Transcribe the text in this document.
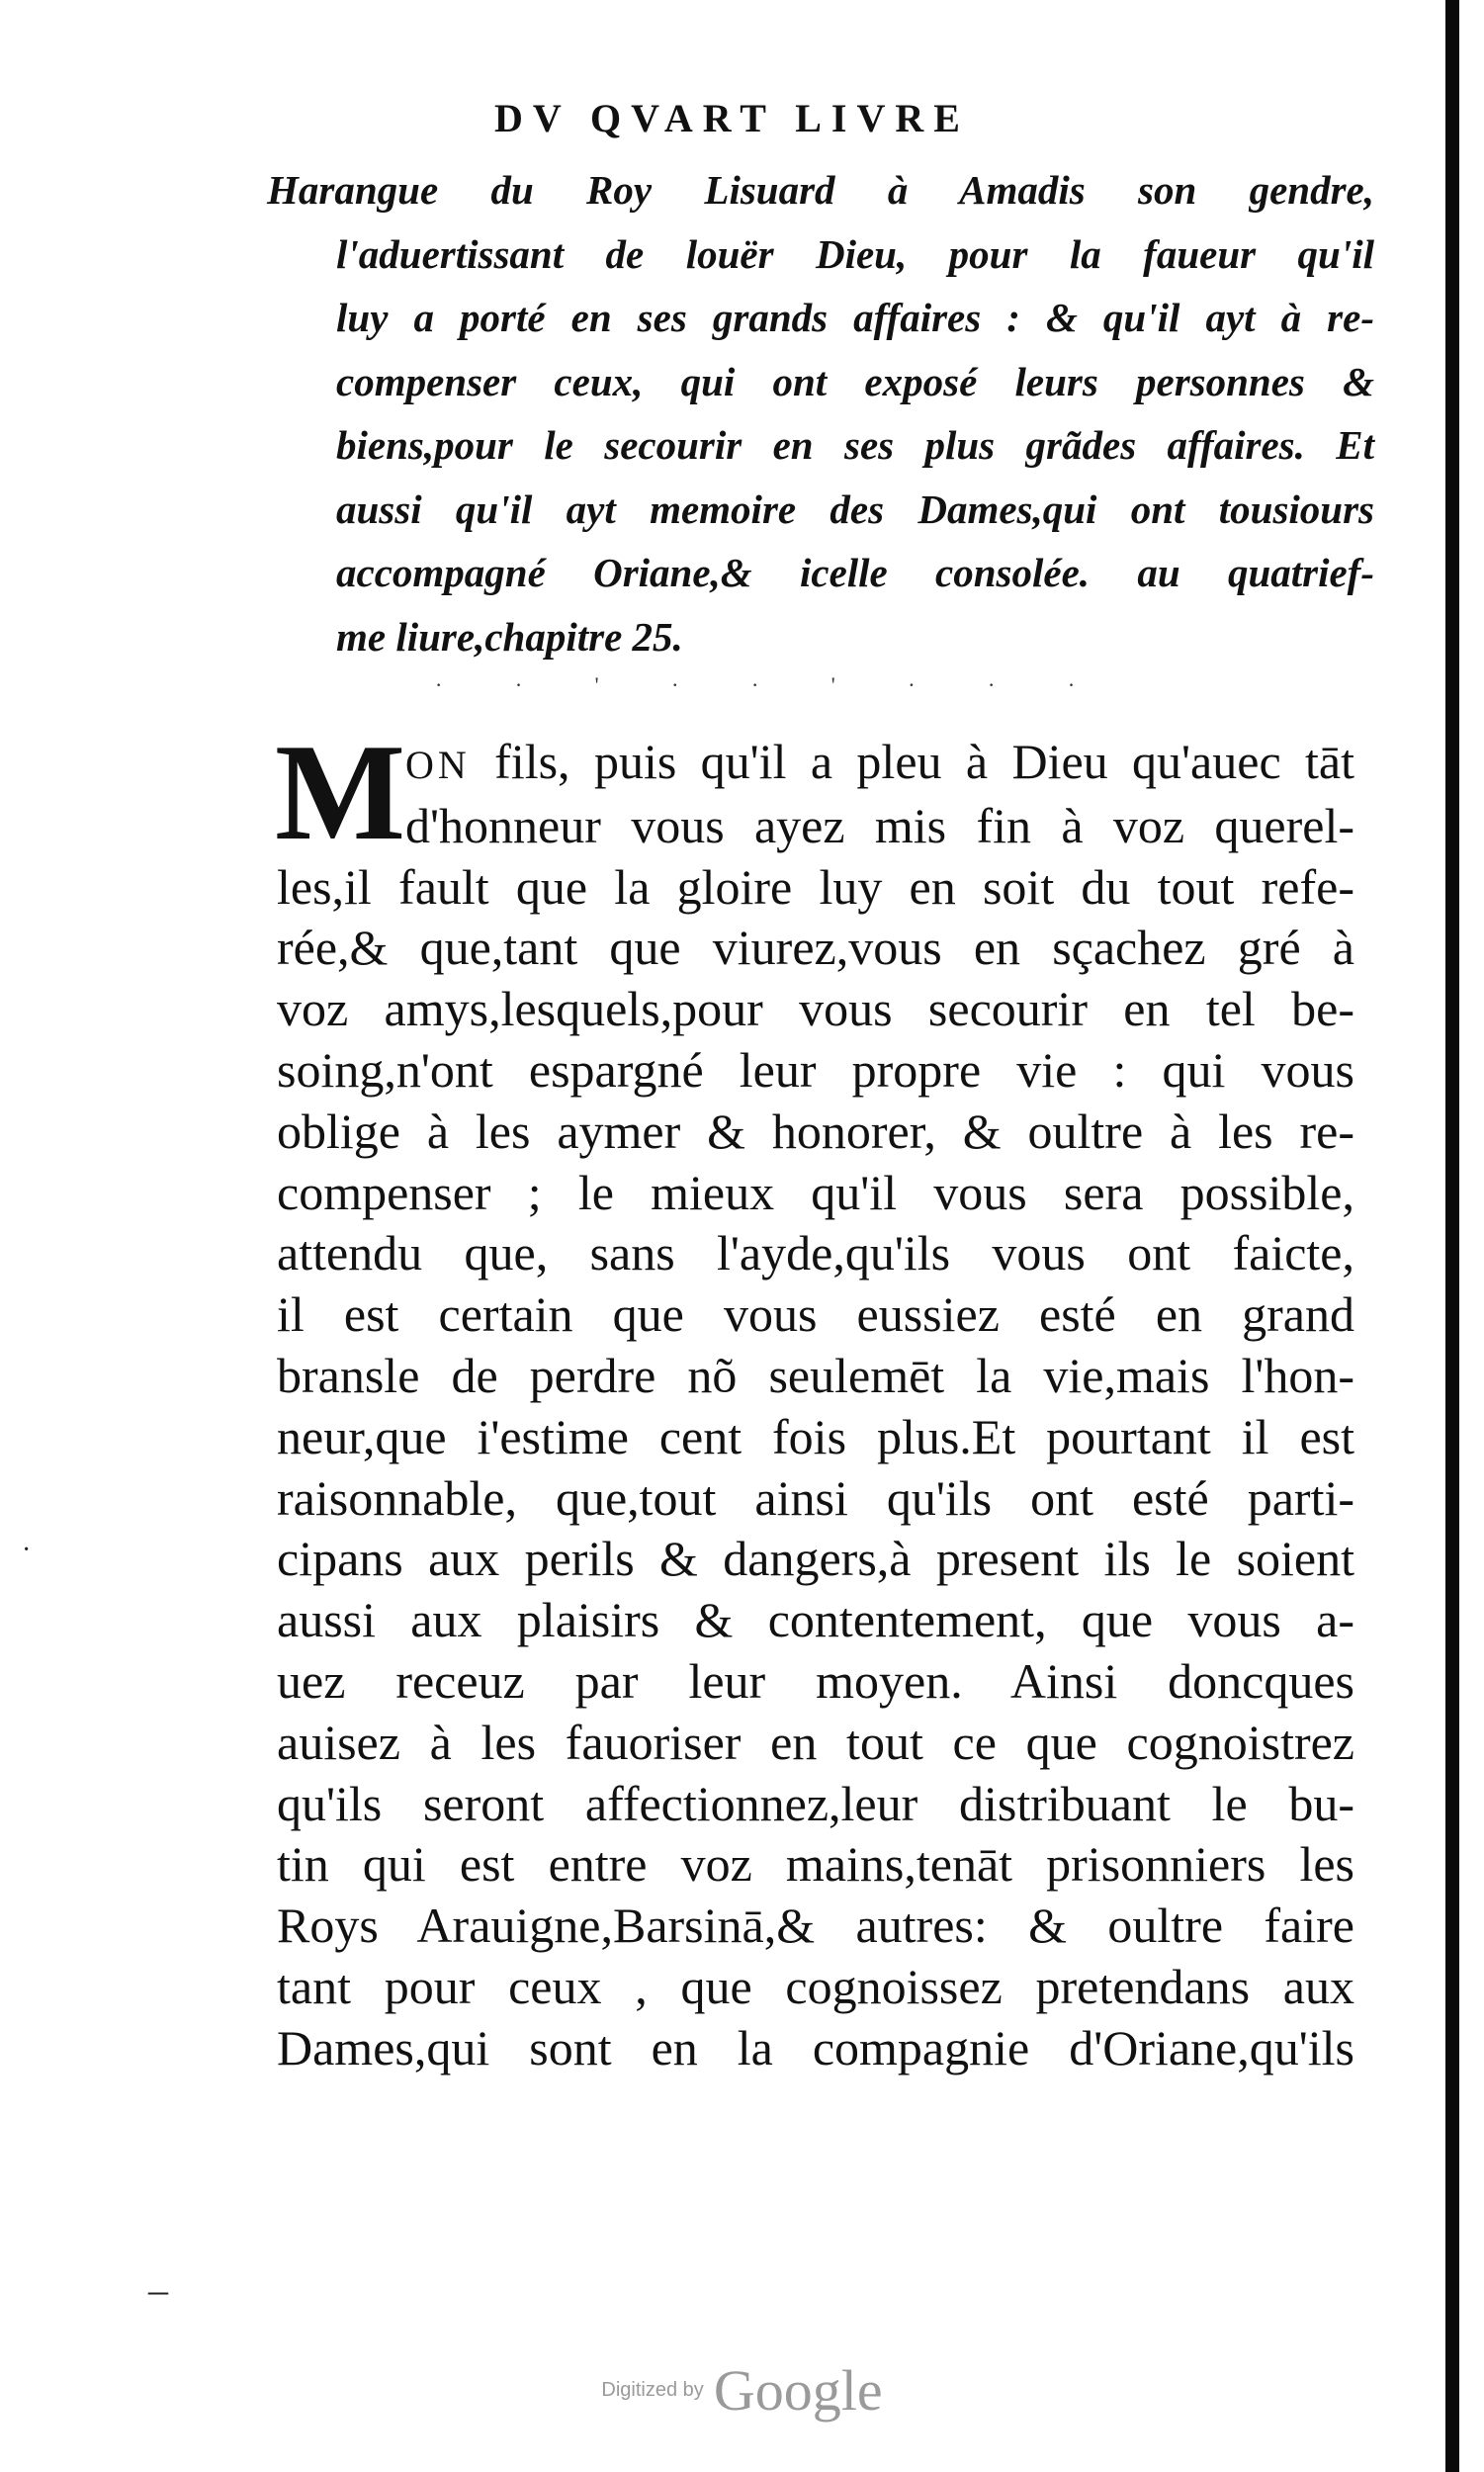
DV QVART LIVRE
Harangue du Roy Lisuard à Amadis son gendre,
l'aduertissant de louër Dieu, pour la faueur qu'il
luy a porté en ses grands affaires : & qu'il ayt à re-
compenser ceux, qui ont exposé leurs personnes &
biens,pour le secourir en ses plus grãdes affaires. Et
aussi qu'il ayt memoire des Dames,qui ont tousiours
accompagné Oriane,& icelle consolée. au quatrief-
me liure,chapitre 25.
· · ' · · ' · · ·
M ON fils, puis qu'il a pleu à Dieu qu'auec tāt
d'honneur vous ayez mis fin à voz querel-
les,il fault que la gloire luy en soit du tout refe-
rée,& que,tant que viurez,vous en sçachez gré à
voz amys,lesquels,pour vous secourir en tel be-
soing,n'ont espargné leur propre vie : qui vous
oblige à les aymer & honorer, & oultre à les re-
compenser ; le mieux qu'il vous sera possible,
attendu que, sans l'ayde,qu'ils vous ont faicte,
il est certain que vous eussiez esté en grand
bransle de perdre nõ seulemēt la vie,mais l'hon-
neur,que i'estime cent fois plus.Et pourtant il est
raisonnable, que,tout ainsi qu'ils ont esté parti-
cipans aux perils & dangers,à present ils le soient
aussi aux plaisirs & contentement, que vous a-
uez receuz par leur moyen. Ainsi doncques
auisez à les fauoriser en tout ce que cognoistrez
qu'ils seront affectionnez,leur distribuant le bu-
tin qui est entre voz mains,tenāt prisonniers les
Roys Arauigne,Barsinā,& autres: & oultre faire
tant pour ceux , que cognoissez pretendans aux
Dames,qui sont en la compagnie d'Oriane,qu'ils
·
–
Digitized by Google
